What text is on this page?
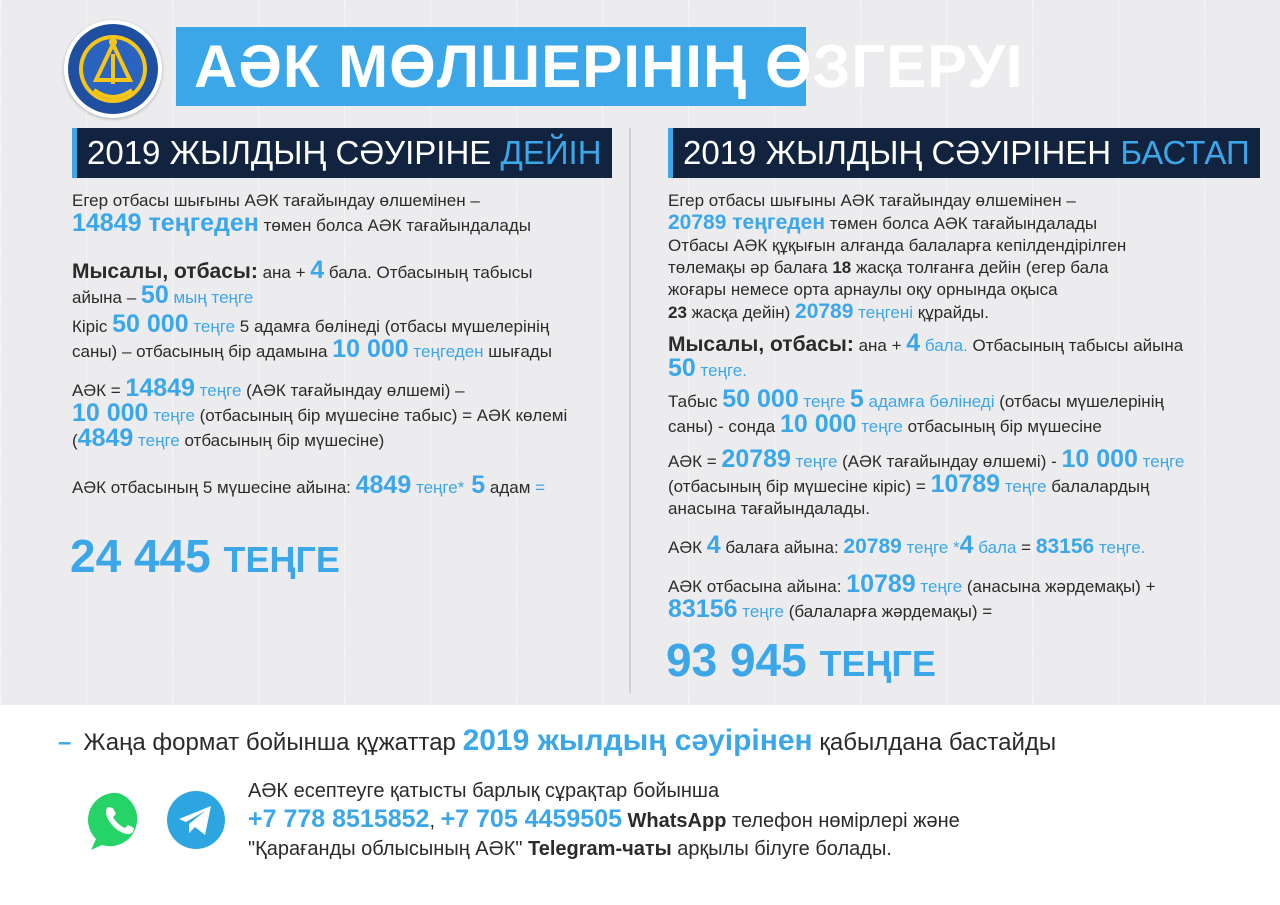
АӘК МӨЛШЕРІНІҢ ӨЗГЕРУІ
2019 ЖЫЛДЫҢ СӘУІРІНЕ ДЕЙІН	2019 ЖЫЛДЫҢ СӘУІРІНЕН БАСТАП

Егер отбасы шығыны АӘК тағайындау өлшемінен –
14849 теңгеден төмен болса АӘК тағайындалады

Мысалы, отбасы: ана + 4 бала. Отбасының табысы
айына – 50 мың теңге

Кіріс 50 000 теңге 5 адамға бөлінеді (отбасы мүшелерінің
саны) – отбасының бір адамына 10 000 теңгеден шығады

АӘК = 14849 теңге (АӘК тағайындау өлшемі) –
10 000 теңге (отбасының бір мүшесіне табыс) = АӘК көлемі
(4849 теңге отбасының бір мүшесіне)

АӘК отбасының 5 мүшесіне айына: 4849 теңге* 5 адам =

24 445 ТЕҢГЕ

Егер отбасы шығыны АӘК тағайындау өлшемінен –
20789 теңгеден төмен болса АӘК тағайындалады

Отбасы АӘК құқығын алғанда балаларға кепілдендірілген
төлемақы әр балаға 18 жасқа толғанға дейін (егер бала
жоғары немесе орта арнаулы оқу орнында оқыса
23 жасқа дейін) 20789 теңгені құрайды.

Мысалы, отбасы: ана + 4 бала. Отбасының табысы айына
50 теңге.

Табыс 50 000 теңге 5 адамға бөлінеді (отбасы мүшелерінің
саны) - сонда 10 000 теңге отбасының бір мүшесіне

АӘК = 20789 теңге (АӘК тағайындау өлшемі) - 10 000 теңге
(отбасының бір мүшесіне кіріс) = 10789 теңге балалардың
анасына тағайындалады.

АӘК 4 балаға айына: 20789 теңге *4 бала = 83156 теңге.

АӘК отбасына айына: 10789 теңге (анасына жәрдемақы) +
83156 теңге (балаларға жәрдемақы) =

93 945 ТЕҢГЕ
– Жаңа формат бойынша құжаттар 2019 жылдың сәуірінен қабылдана бастайды
АӘК есептеуге қатысты барлық сұрақтар бойынша
+7 778 8515852, +7 705 4459505 WhatsApp телефон нөмірлері және
"Қарағанды облысының АӘК" Telegram-чаты арқылы білуге болады.
